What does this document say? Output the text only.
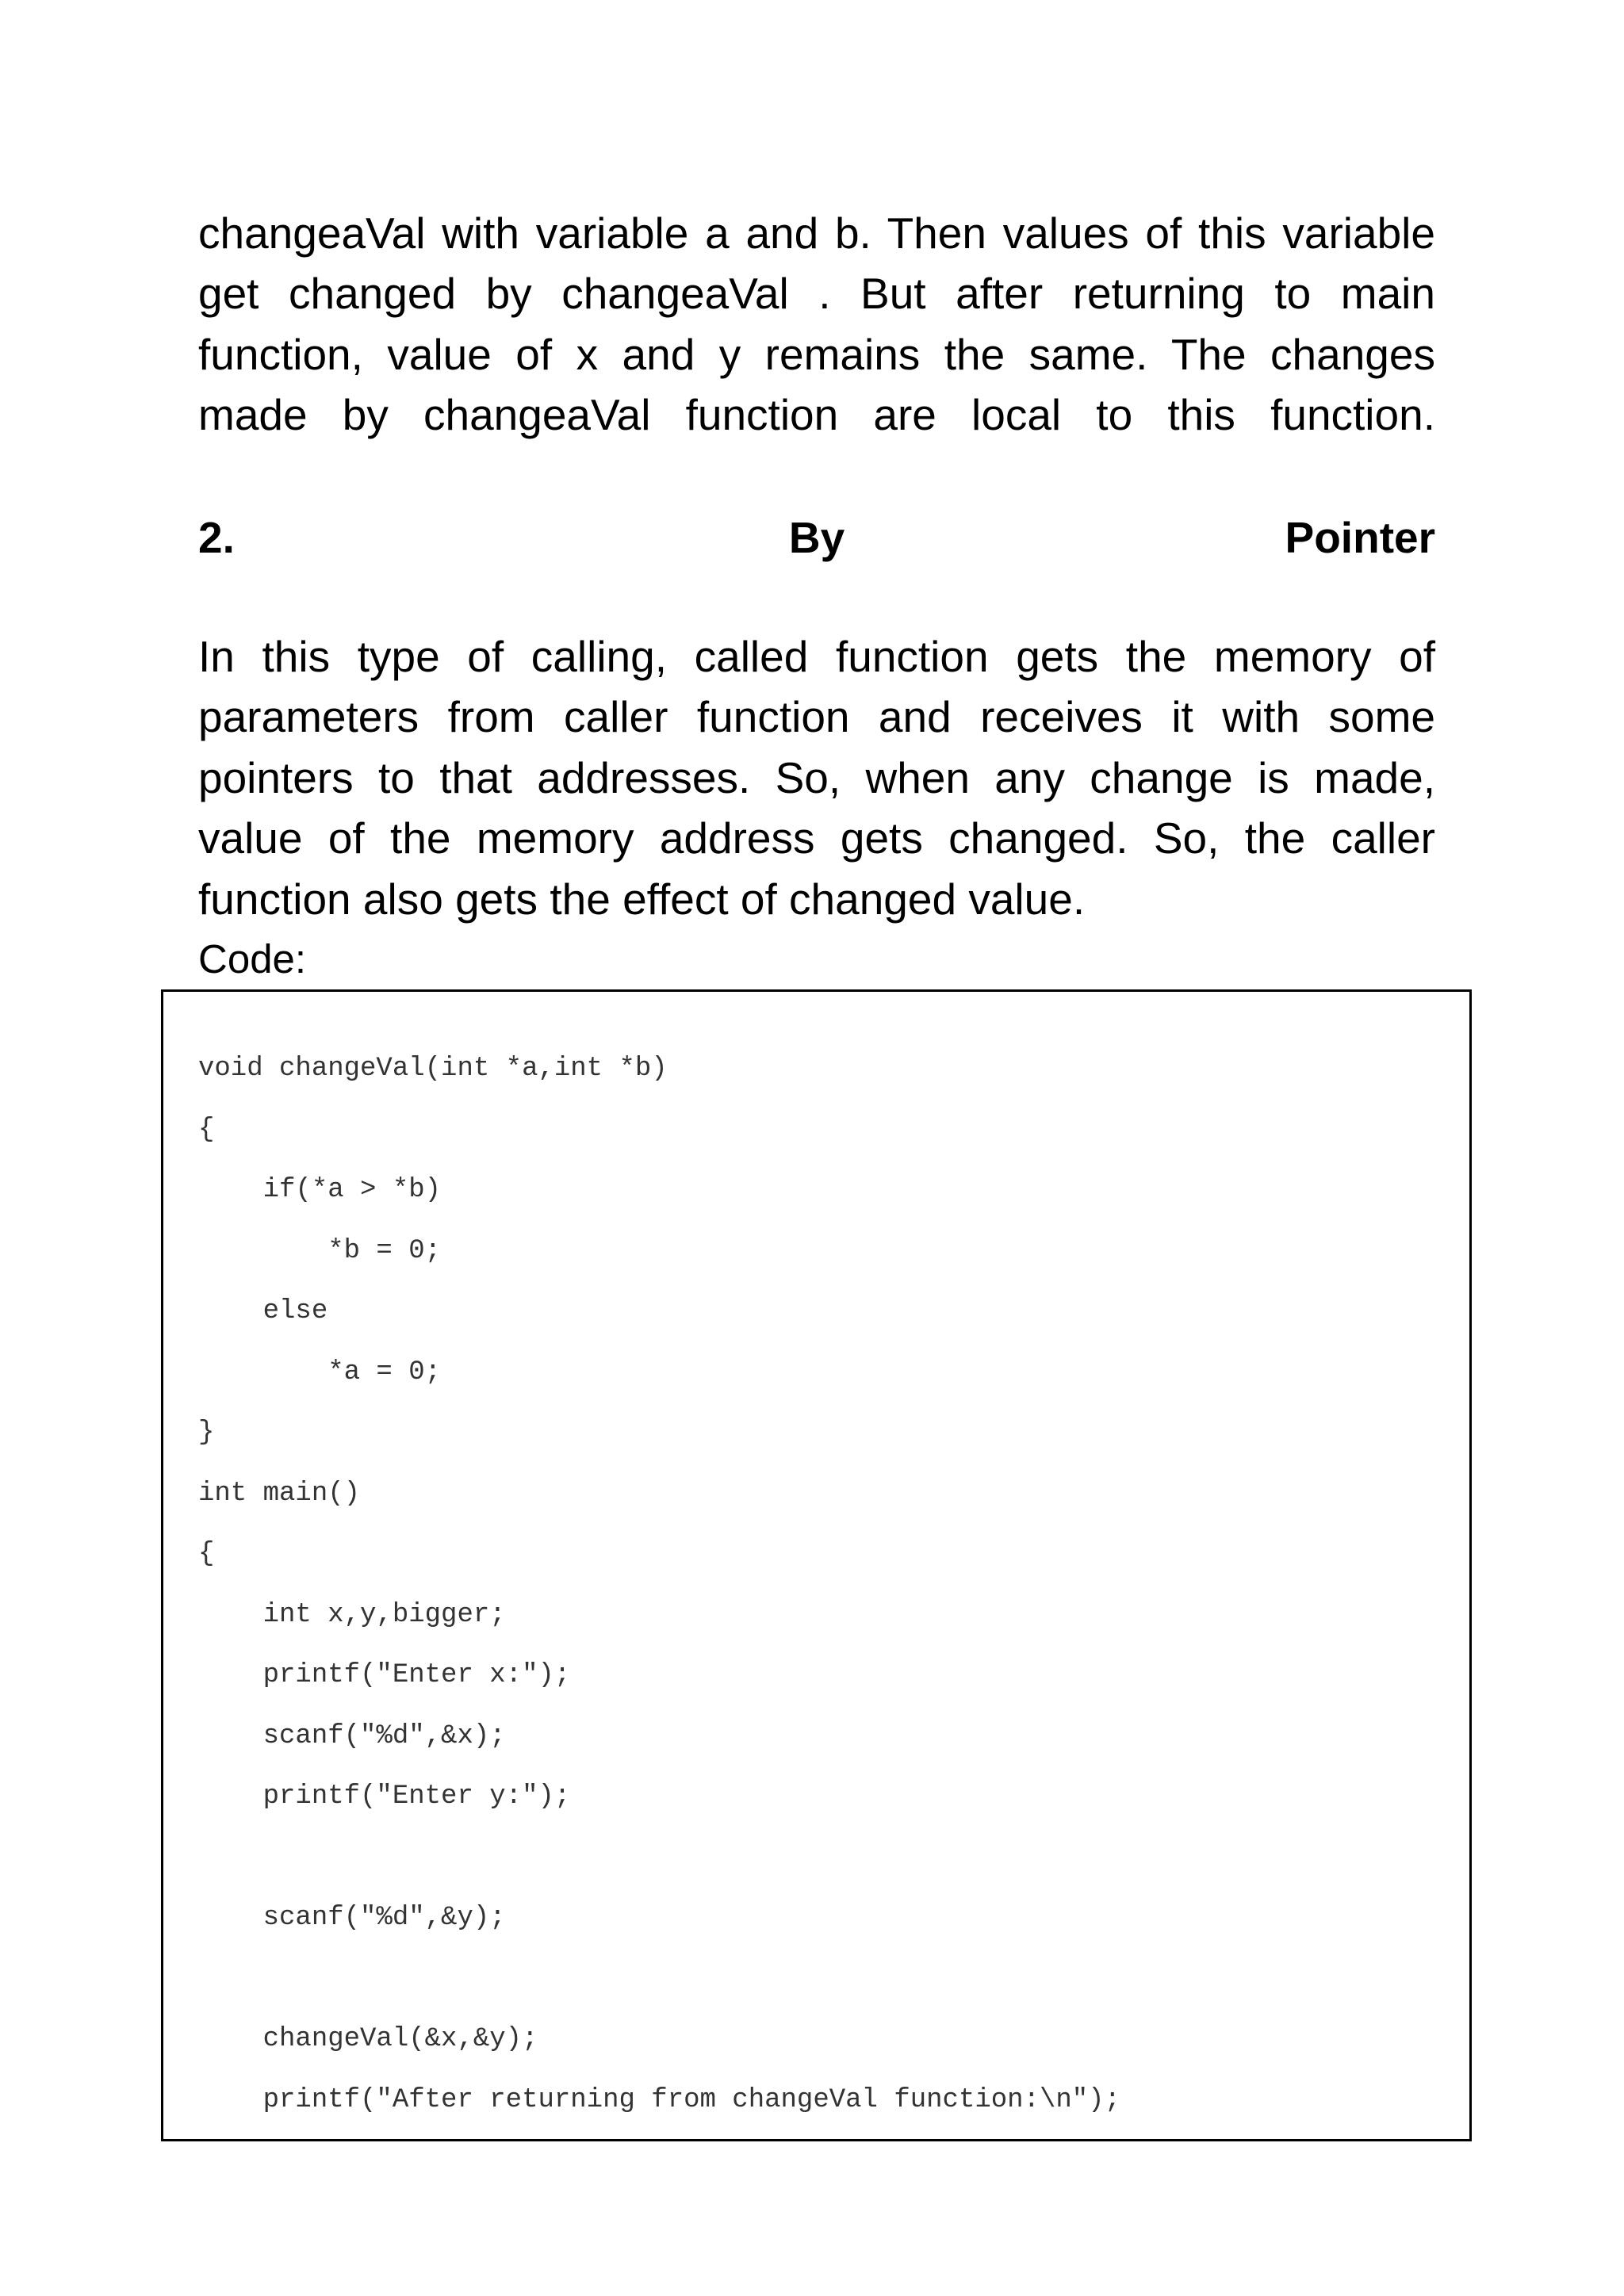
changeaVal with variable a and b. Then values of this variable
get changed by changeaVal . But after returning to main
function, value of x and y remains the same. The changes
made by changeaVal function are local to this function.
2.	By	Pointer
In this type of calling, called function gets the memory of
parameters from caller function and receives it with some
pointers to that addresses. So, when any change is made,
value of the memory address gets changed. So, the caller
function also gets the effect of changed value.
Code:
void changeVal(int *a,int *b)
{
if(*a > *b)
*b = 0;
else
*a = 0;
}
int main()
{
int x,y,bigger;
printf("Enter x:");
scanf("%d",&x);
printf("Enter y:");
scanf("%d",&y);
changeVal(&x,&y);
printf("After returning from changeVal function:\n");
